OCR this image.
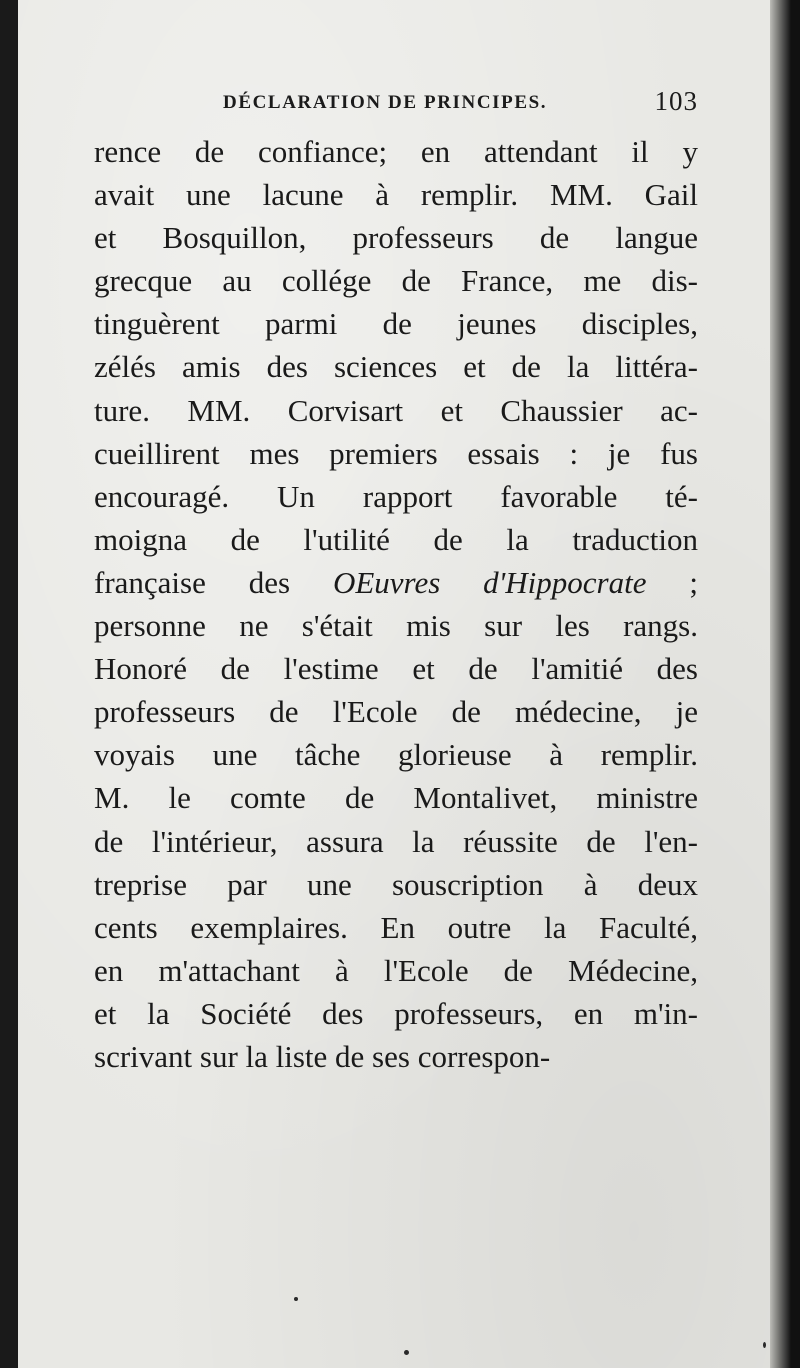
DÉCLARATION DE PRINCIPES.	103
rence de confiance; en attendant il y
avait une lacune à remplir. MM. Gail
et Bosquillon, professeurs de langue
grecque au collége de France, me dis-
tinguèrent parmi de jeunes disciples,
zélés amis des sciences et de la littéra-
ture. MM. Corvisart et Chaussier ac-
cueillirent mes premiers essais : je fus
encouragé. Un rapport favorable té-
moigna de l'utilité de la traduction
française des OEuvres d'Hippocrate ;
personne ne s'était mis sur les rangs.
Honoré de l'estime et de l'amitié des
professeurs de l'Ecole de médecine, je
voyais une tâche glorieuse à remplir.
M. le comte de Montalivet, ministre
de l'intérieur, assura la réussite de l'en-
treprise par une souscription à deux
cents exemplaires. En outre la Faculté,
en m'attachant à l'Ecole de Médecine,
et la Société des professeurs, en m'in-
scrivant sur la liste de ses correspon-
